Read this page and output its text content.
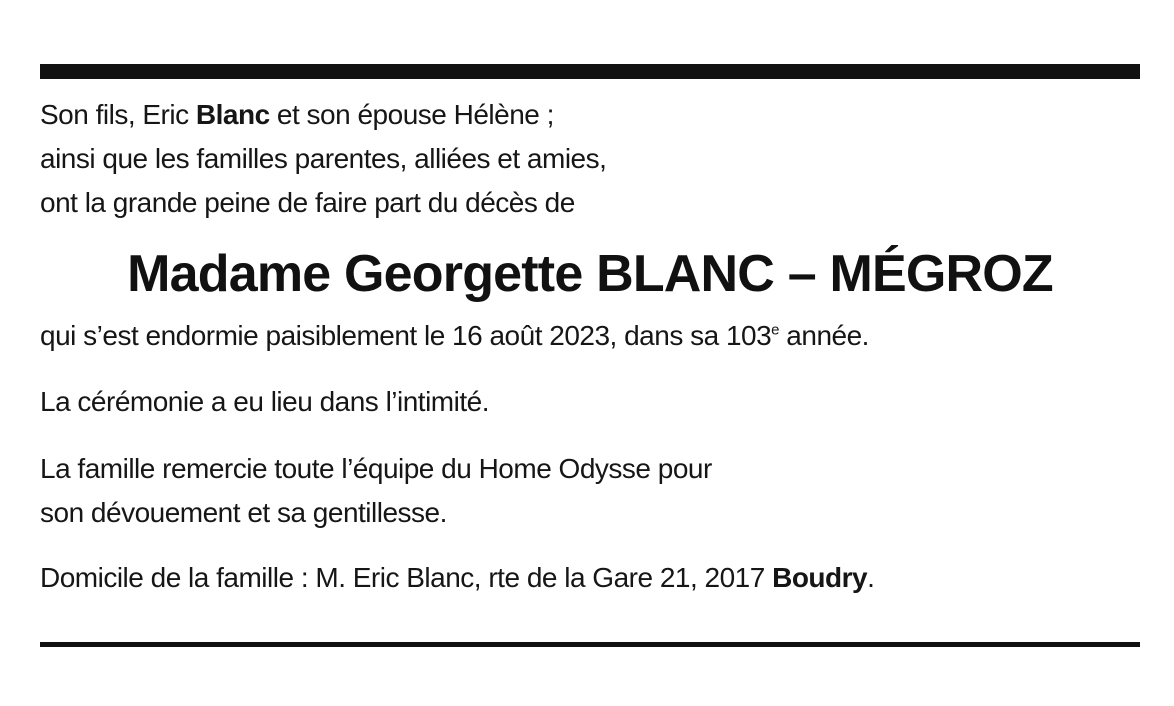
Son fils, Eric Blanc et son épouse Hélène ;
ainsi que les familles parentes, alliées et amies,
ont la grande peine de faire part du décès de
Madame Georgette BLANC – MÉGROZ
qui s’est endormie paisiblement le 16 août 2023, dans sa 103e année.
La cérémonie a eu lieu dans l’intimité.
La famille remercie toute l’équipe du Home Odysse pour
son dévouement et sa gentillesse.
Domicile de la famille : M. Eric Blanc, rte de la Gare 21, 2017 Boudry.
